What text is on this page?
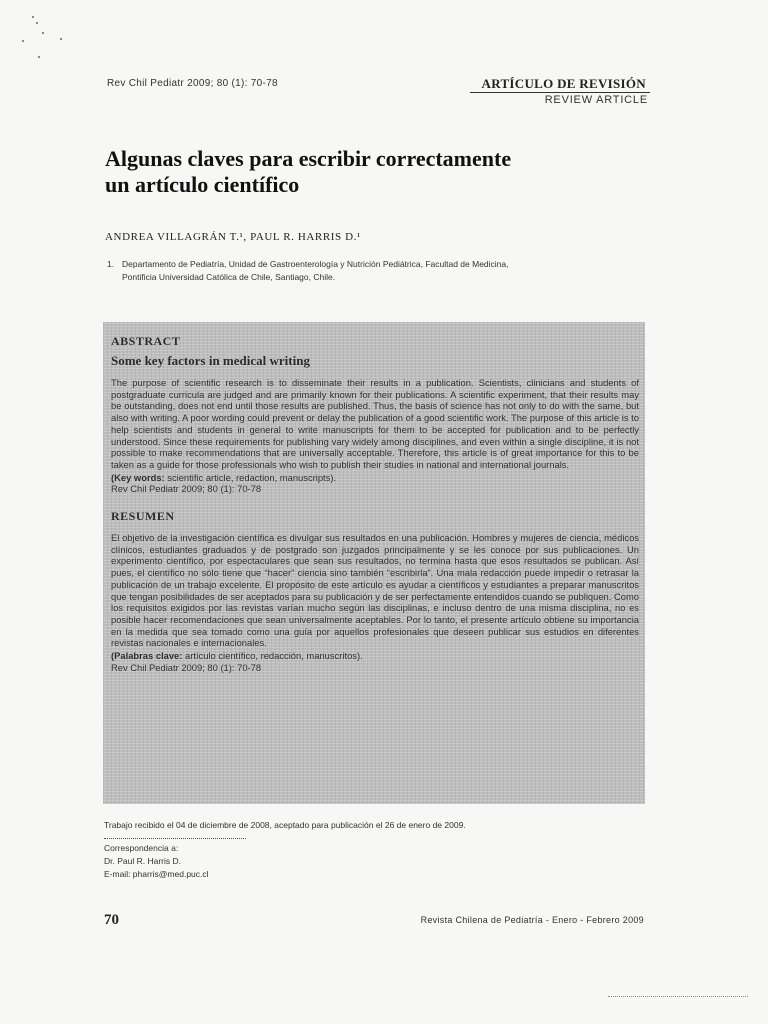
Rev Chil Pediatr 2009; 80 (1): 70-78	ARTÍCULO DE REVISIÓN
REVIEW ARTICLE
Algunas claves para escribir correctamente
un artículo científico
ANDREA VILLAGRÁN T.¹, PAUL R. HARRIS D.¹
1. Departamento de Pediatría, Unidad de Gastroenterología y Nutrición Pediátrica, Facultad de Medicina,
Pontificia Universidad Católica de Chile, Santiago, Chile.
ABSTRACT
Some key factors in medical writing
The purpose of scientific research is to disseminate their results in a publication. Scientists, clinicians and students of postgraduate curricula are judged and are primarily known for their publications. A scientific experiment, that their results may be outstanding, does not end until those results are published. Thus, the basis of science has not only to do with the same, but also with writing. A poor wording could prevent or delay the publication of a good scientific work. The purpose of this article is to help scientists and students in general to write manuscripts for them to be accepted for publication and to be perfectly understood. Since these requirements for publishing vary widely among disciplines, and even within a single discipline, it is not possible to make recommendations that are universally acceptable. Therefore, this article is of great importance for this to be taken as a guide for those professionals who wish to publish their studies in national and international journals.
(Key words: scientific article, redaction, manuscripts).
Rev Chil Pediatr 2009; 80 (1): 70-78
RESUMEN
El objetivo de la investigación científica es divulgar sus resultados en una publicación. Hombres y mujeres de ciencia, médicos clínicos, estudiantes graduados y de postgrado son juzgados principalmente y se les conoce por sus publicaciones. Un experimento científico, por espectaculares que sean sus resultados, no termina hasta que esos resultados se publican. Así pues, el científico no sólo tiene que “hacer” ciencia sino también “escribirla”. Una mala redacción puede impedir o retrasar la publicación de un trabajo excelente. El propósito de este artículo es ayudar a científicos y estudiantes a preparar manuscritos que tengan posibilidades de ser aceptados para su publicación y de ser perfectamente entendidos cuando se publiquen. Como los requisitos exigidos por las revistas varían mucho según las disciplinas, e incluso dentro de una misma disciplina, no es posible hacer recomendaciones que sean universalmente aceptables. Por lo tanto, el presente artículo obtiene su importancia en la medida que sea tomado como una guía por aquellos profesionales que deseen publicar sus estudios en diferentes revistas nacionales e internacionales.
(Palabras clave: artículo científico, redacción, manuscritos).
Rev Chil Pediatr 2009; 80 (1): 70-78
Trabajo recibido el 04 de diciembre de 2008, aceptado para publicación el 26 de enero de 2009.
Correspondencia a:
Dr. Paul R. Harris D.
E-mail: pharris@med.puc.cl
70	Revista Chilena de Pediatría - Enero - Febrero 2009
